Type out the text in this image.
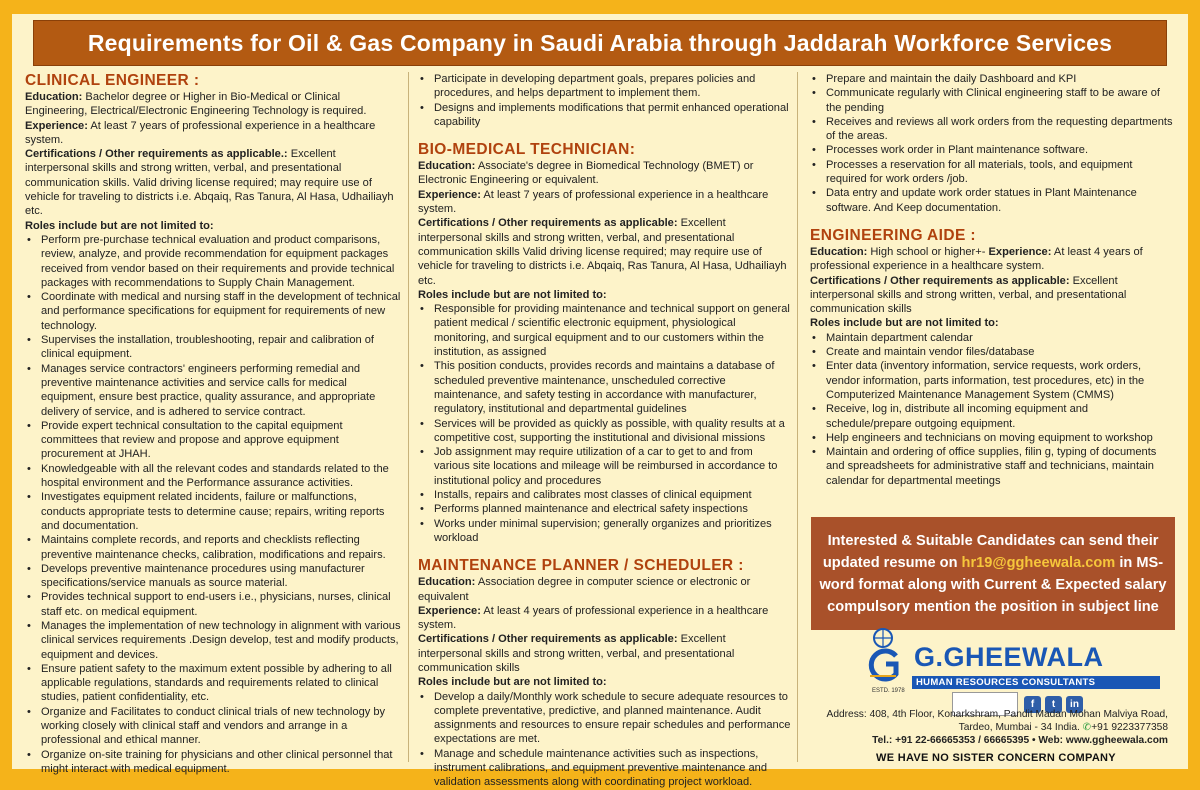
Requirements for Oil & Gas Company in Saudi Arabia through Jaddarah Workforce Services
CLINICAL ENGINEER :

Education: Bachelor degree or Higher in Bio-Medical or Clinical Engineering, Electrical/Electronic Engineering Technology is required.

Experience: At least 7 years of professional experience in a healthcare system.

Certifications / Other requirements as applicable.: Excellent interpersonal skills and strong written, verbal, and presentational communication skills. Valid driving license required; may require use of vehicle for traveling to districts i.e. Abqaiq, Ras Tanura, Al Hasa, Udhailiayh etc.

Roles include but are not limited to:

• Perform pre-purchase technical evaluation and product comparisons, review, analyze, and provide recommendation for equipment packages received from vendor based on their requirements and provide technical packages with recommendations to Supply Chain Management.
• Coordinate with medical and nursing staff in the development of technical and performance specifications for equipment for requirements of new technology.
• Supervises the installation, troubleshooting, repair and calibration of clinical equipment.
• Manages service contractors' engineers performing remedial and preventive maintenance activities and service calls for medical equipment, ensure best practice, quality assurance, and appropriate delivery of service, and is adhered to service contract.
• Provide expert technical consultation to the capital equipment committees that review and propose and approve equipment procurement at JHAH.
• Knowledgeable with all the relevant codes and standards related to the hospital environment and the Performance assurance activities.
• Investigates equipment related incidents, failure or malfunctions, conducts appropriate tests to determine cause; repairs, writing reports and documentation.
• Maintains complete records, and reports and checklists reflecting preventive maintenance checks, calibration, modifications and repairs.
• Develops preventive maintenance procedures using manufacturer specifications/service manuals as source material.
• Provides technical support to end-users i.e., physicians, nurses, clinical staff etc. on medical equipment.
• Manages the implementation of new technology in alignment with various clinical services requirements .Design develop, test and modify products, equipment and devices.
• Ensure patient safety to the maximum extent possible by adhering to all applicable regulations, standards and requirements related to clinical studies, patient confidentiality, etc.
• Organize and Facilitates to conduct clinical trials of new technology by working closely with clinical staff and vendors and arrange in a professional and ethical manner.
• Organize on-site training for physicians and other clinical personnel that might interact with medical equipment.
• Participate in developing department goals, prepares policies and procedures, and helps department to implement them.
• Designs and implements modifications that permit enhanced operational capability
BIO-MEDICAL TECHNICIAN:

Education: Associate's degree in Biomedical Technology (BMET) or Electronic Engineering or equivalent.

Experience: At least 7 years of professional experience in a healthcare system.

Certifications / Other requirements as applicable: Excellent interpersonal skills and strong written, verbal, and presentational communication skills Valid driving license required; may require use of vehicle for traveling to districts i.e. Abqaiq, Ras Tanura, Al Hasa, Udhailiayh etc.

Roles include but are not limited to:

• Responsible for providing maintenance and technical support on general patient medical / scientific electronic equipment, physiological monitoring, and surgical equipment and to our customers within the institution, as assigned
• This position conducts, provides records and maintains a database of scheduled preventive maintenance, unscheduled corrective maintenance, and safety testing in accordance with manufacturer, regulatory, institutional and departmental guidelines
• Services will be provided as quickly as possible, with quality results at a competitive cost, supporting the institutional and divisional missions
• Job assignment may require utilization of a car to get to and from various site locations and mileage will be reimbursed in accordance to institutional policy and procedures
• Installs, repairs and calibrates most classes of clinical equipment
• Performs planned maintenance and electrical safety inspections
• Works under minimal supervision; generally organizes and prioritizes workload
MAINTENANCE PLANNER / SCHEDULER :

Education: Association degree in computer science or electronic or equivalent

Experience: At least 4 years of professional experience in a healthcare system.

Certifications / Other requirements as applicable: Excellent interpersonal skills and strong written, verbal, and presentational communication skills

Roles include but are not limited to:

• Develop a daily/Monthly work schedule to secure adequate resources to complete preventative, predictive, and planned maintenance. Audit assignments and resources to ensure repair schedules and performance expectations are met.
• Manage and schedule maintenance activities such as inspections, instrument calibrations, and equipment preventive maintenance and validation assessments along with coordinating project workload.
• Prepare and maintain the daily Dashboard and KPI
• Communicate regularly with Clinical engineering staff to be aware of the pending
• Receives and reviews all work orders from the requesting departments of the areas.
• Processes work order in Plant maintenance software.
• Processes a reservation for all materials, tools, and equipment required for work orders /job.
• Data entry and update work order statues in Plant Maintenance software. And Keep documentation.
ENGINEERING AIDE :

Education: High school or higher+- Experience: At least 4 years of professional experience in a healthcare system.

Certifications / Other requirements as applicable: Excellent interpersonal skills and strong written, verbal, and presentational communication skills

Roles include but are not limited to:

• Maintain department calendar
• Create and maintain vendor files/database
• Enter data (inventory information, service requests, work orders, vendor information, parts information, test procedures, etc) in the Computerized Maintenance Management System (CMMS)
• Receive, log in, distribute all incoming equipment and schedule/prepare outgoing equipment.
• Help engineers and technicians on moving equipment to workshop
• Maintain and ordering of office supplies, filin g, typing of documents and spreadsheets for administrative staff and technicians, maintain calendar for departmental meetings
Interested & Suitable Candidates can send their updated resume on hr19@ggheewala.com in MS-word format along with Current & Expected salary compulsory mention the position in subject line
G.GHEEWALA
HUMAN RESOURCES CONSULTANTS
ESTD. 1978
f	t	in
Address: 408, 4th Floor, Konarkshram, Pandit Madan Mohan Malviya Road,
Tardeo, Mumbai - 34 India. ✆+91 9223377358
Tel.: +91 22-66665353 / 66665395 • Web: www.ggheewala.com
WE HAVE NO SISTER CONCERN COMPANY
